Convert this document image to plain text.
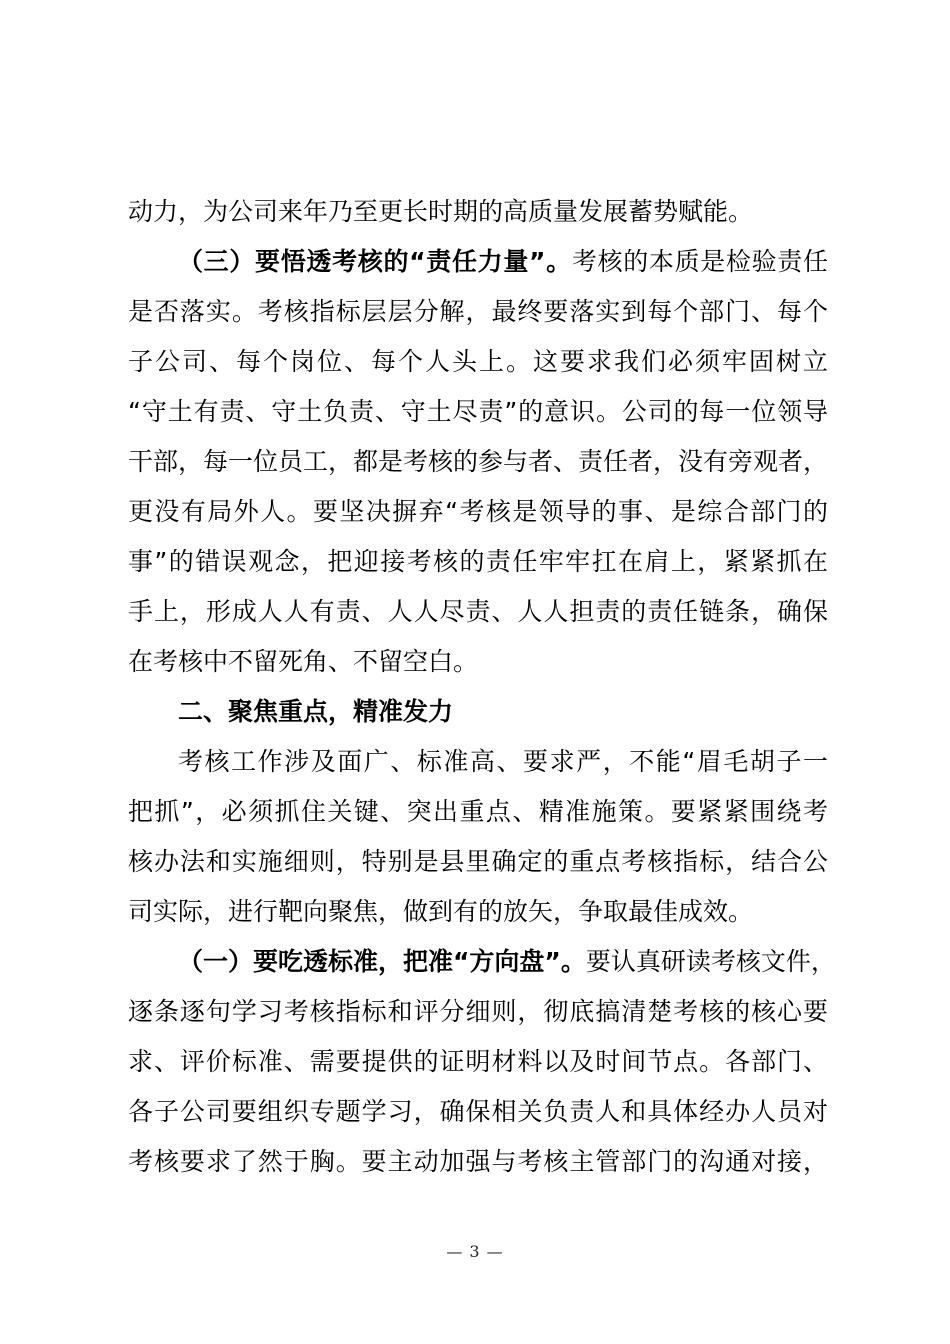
动力，为公司来年乃至更长时期的高质量发展蓄势赋能。
（三）要悟透考核的“责任力量”。考核的本质是检验责任
是否落实。考核指标层层分解，最终要落实到每个部门、每个
子公司、每个岗位、每个人头上。这要求我们必须牢固树立
“守土有责、守土负责、守土尽责”的意识。公司的每一位领导
干部，每一位员工，都是考核的参与者、责任者，没有旁观者，
更没有局外人。要坚决摒弃“考核是领导的事、是综合部门的
事”的错误观念，把迎接考核的责任牢牢扛在肩上，紧紧抓在
手上，形成人人有责、人人尽责、人人担责的责任链条，确保
在考核中不留死角、不留空白。
二、聚焦重点，精准发力
考核工作涉及面广、标准高、要求严，不能“眉毛胡子一
把抓”，必须抓住关键、突出重点、精准施策。要紧紧围绕考
核办法和实施细则，特别是县里确定的重点考核指标，结合公
司实际，进行靶向聚焦，做到有的放矢，争取最佳成效。
（一）要吃透标准，把准“方向盘”。要认真研读考核文件，
逐条逐句学习考核指标和评分细则，彻底搞清楚考核的核心要
求、评价标准、需要提供的证明材料以及时间节点。各部门、
各子公司要组织专题学习，确保相关负责人和具体经办人员对
考核要求了然于胸。要主动加强与考核主管部门的沟通对接，
— 3 —
